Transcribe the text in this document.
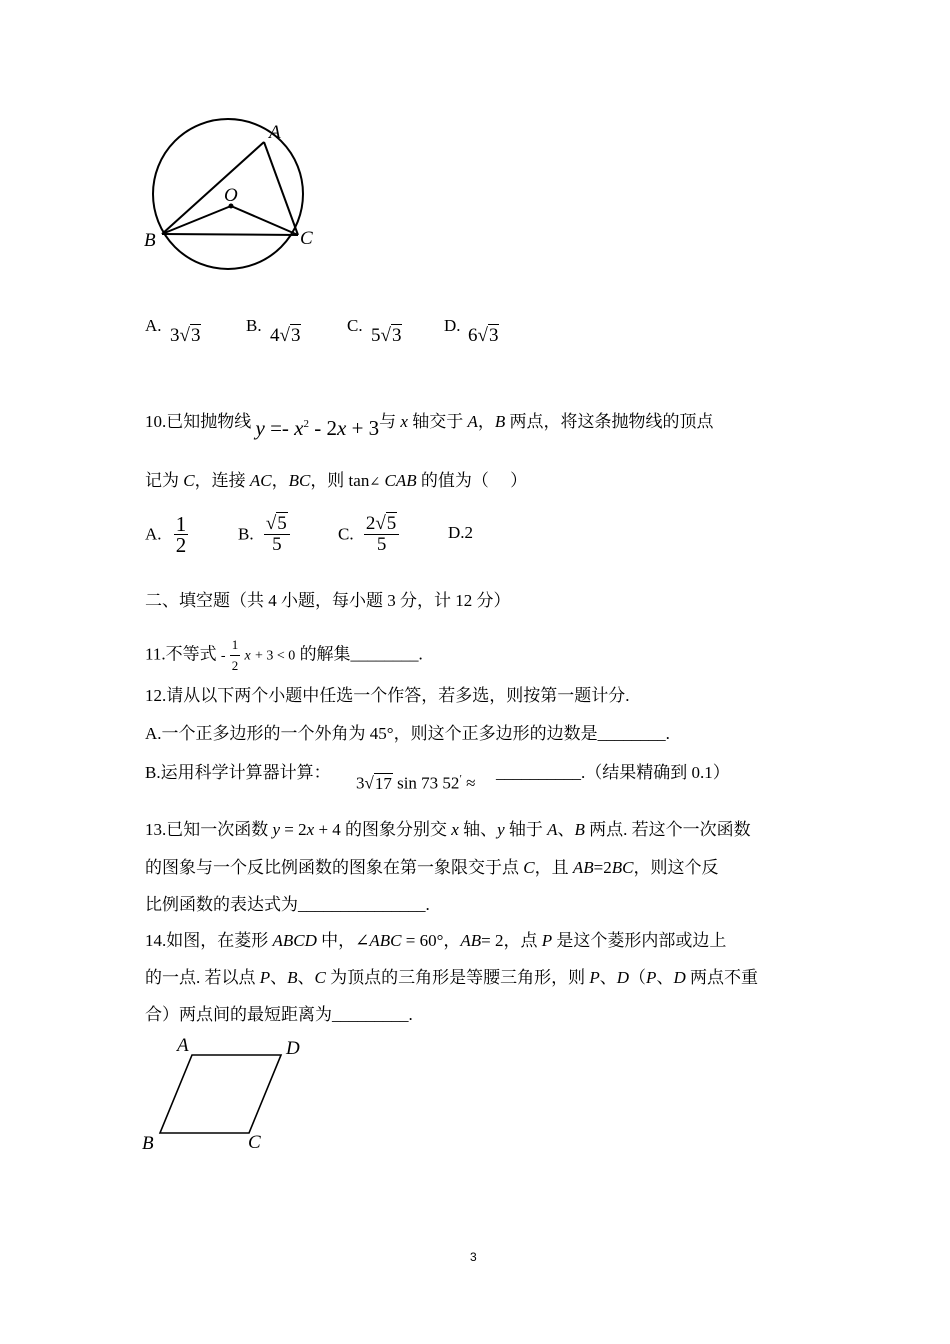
A
O
B	C
A. 3√3	B. 4√3	C. 5√3	D. 6√3
10.已知抛物线 $y =- x^2 - 2x + 3$与 x 轴交于 A，B 两点，将这条抛物线的顶点
记为 C，连接 AC，BC，则 tan∠ CAB 的值为（　 ）
A. $\frac{1}{2}$	B. $\frac{√5}{5}$	C. $\frac{2√5}{5}$	D.2
二、填空题（共 4 小题，每小题 3 分，计 12 分）
11.不等式 - $\frac{1}{2}$ x + 3 < 0 的解集________.
12.请从以下两个小题中任选一个作答，若多选，则按第一题计分.
A.一个正多边形的一个外角为 45°，则这个正多边形的边数是________.
B.运用科学计算器计算：
3√17 sin 73 52′ ≈
__________.（结果精确到 0.1）
13.已知一次函数 y = 2x + 4 的图象分别交 x 轴、y 轴于 A、B 两点. 若这个一次函数
的图象与一个反比例函数的图象在第一象限交于点 C，且 AB=2BC，则这个反
比例函数的表达式为_______________.
14.如图，在菱形 ABCD 中，∠ABC = 60°，AB= 2，点 P 是这个菱形内部或边上
的一点. 若以点 P、B、C 为顶点的三角形是等腰三角形，则 P、D（P、D 两点不重
合）两点间的最短距离为_________.
A	D
B	C
3
